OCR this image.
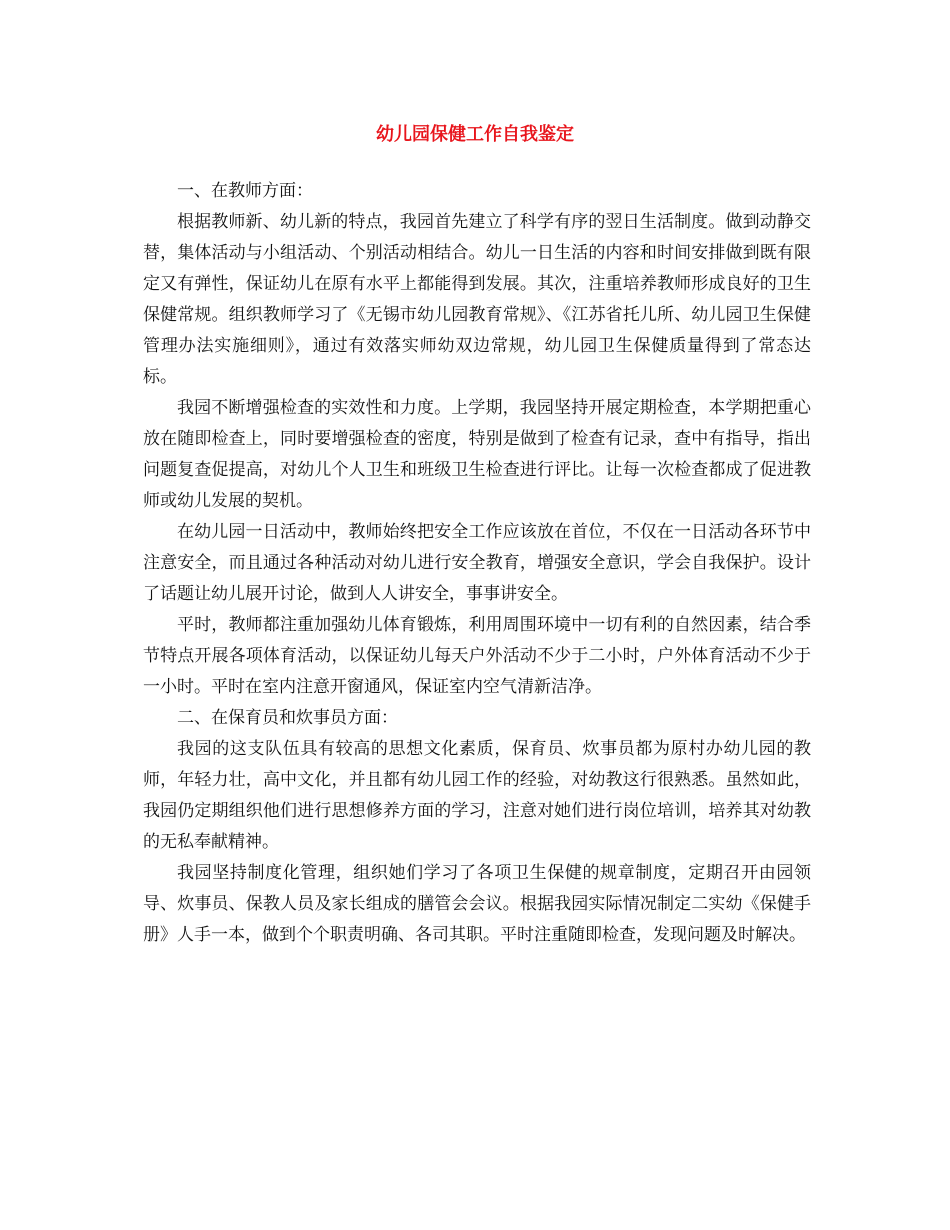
幼儿园保健工作自我鉴定

一、在教师方面：

根据教师新、幼儿新的特点，我园首先建立了科学有序的翌日生活制度。做到动静交替，集体活动与小组活动、个别活动相结合。幼儿一日生活的内容和时间安排做到既有限定又有弹性，保证幼儿在原有水平上都能得到发展。其次，注重培养教师形成良好的卫生保健常规。组织教师学习了《无锡市幼儿园教育常规》、《江苏省托儿所、幼儿园卫生保健管理办法实施细则》，通过有效落实师幼双边常规，幼儿园卫生保健质量得到了常态达标。

我园不断增强检查的实效性和力度。上学期，我园坚持开展定期检查，本学期把重心放在随即检查上，同时要增强检查的密度，特别是做到了检查有记录，查中有指导，指出问题复查促提高，对幼儿个人卫生和班级卫生检查进行评比。让每一次检查都成了促进教师或幼儿发展的契机。

在幼儿园一日活动中，教师始终把安全工作应该放在首位，不仅在一日活动各环节中注意安全，而且通过各种活动对幼儿进行安全教育，增强安全意识，学会自我保护。设计了话题让幼儿展开讨论，做到人人讲安全，事事讲安全。

平时，教师都注重加强幼儿体育锻炼，利用周围环境中一切有利的自然因素，结合季节特点开展各项体育活动，以保证幼儿每天户外活动不少于二小时，户外体育活动不少于一小时。平时在室内注意开窗通风，保证室内空气清新洁净。

二、在保育员和炊事员方面：

我园的这支队伍具有较高的思想文化素质，保育员、炊事员都为原村办幼儿园的教师，年轻力壮，高中文化，并且都有幼儿园工作的经验，对幼教这行很熟悉。虽然如此，我园仍定期组织他们进行思想修养方面的学习，注意对她们进行岗位培训，培养其对幼教的无私奉献精神。

我园坚持制度化管理，组织她们学习了各项卫生保健的规章制度，定期召开由园领导、炊事员、保教人员及家长组成的膳管会会议。根据我园实际情况制定二实幼《保健手册》人手一本，做到个个职责明确、各司其职。平时注重随即检查，发现问题及时解决。
